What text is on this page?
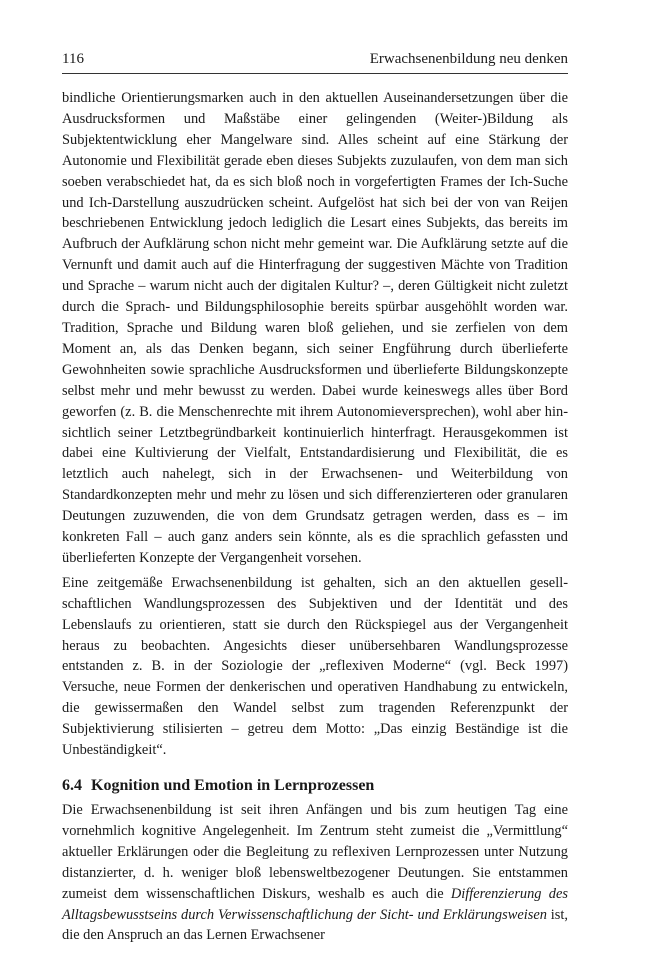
116	Erwachsenenbildung neu denken

bindliche Orientierungsmarken auch in den aktuellen Auseinandersetzungen über die Ausdrucksformen und Maßstäbe einer gelingenden (Weiter-)Bildung als Subjektentwicklung eher Mangelware sind. Alles scheint auf eine Stärkung der Autonomie und Flexibilität gerade eben dieses Subjekts zuzulaufen, von dem man sich soeben verabschiedet hat, da es sich bloß noch in vorgefertigten Frames der Ich-Suche und Ich-Darstellung auszudrücken scheint. Aufgelöst hat sich bei der von van Reijen beschriebenen Entwicklung jedoch lediglich die Lesart eines Subjekts, das bereits im Aufbruch der Aufklärung schon nicht mehr gemeint war. Die Aufklärung setzte auf die Vernunft und damit auch auf die Hinterfragung der suggestiven Mächte von Tradition und Sprache – warum nicht auch der digitalen Kultur? –, deren Gültigkeit nicht zuletzt durch die Sprach- und Bildungsphilosophie bereits spürbar ausgehöhlt worden war. Tradition, Sprache und Bildung waren bloß geliehen, und sie zerfielen von dem Moment an, als das Denken begann, sich seiner Engführung durch überlieferte Gewohnheiten sowie sprachliche Ausdrucksformen und überlieferte Bildungskonzepte selbst mehr und mehr bewusst zu werden. Dabei wurde keineswegs alles über Bord geworfen (z. B. die Menschenrechte mit ihrem Autonomieversprechen), wohl aber hinsichtlich seiner Letztbegründbarkeit kontinuierlich hinterfragt. Herausgekommen ist dabei eine Kultivierung der Vielfalt, Entstandardisierung und Flexibilität, die es letztlich auch nahelegt, sich in der Erwachsenen- und Weiterbildung von Standardkonzepten mehr und mehr zu lösen und sich differenzierteren oder granularen Deutungen zuzuwenden, die von dem Grundsatz getragen werden, dass es – im konkreten Fall – auch ganz anders sein könnte, als es die sprachlich gefassten und überlieferten Konzepte der Vergangenheit vorsehen.

Eine zeitgemäße Erwachsenenbildung ist gehalten, sich an den aktuellen gesellschaftlichen Wandlungsprozessen des Subjektiven und der Identität und des Lebenslaufs zu orientieren, statt sie durch den Rückspiegel aus der Vergangenheit heraus zu beobachten. Angesichts dieser unübersehbaren Wandlungsprozesse entstanden z. B. in der Soziologie der „reflexiven Moderne“ (vgl. Beck 1997) Versuche, neue Formen der denkerischen und operativen Handhabung zu entwickeln, die gewissermaßen den Wandel selbst zum tragenden Referenzpunkt der Subjektivierung stilisierten – getreu dem Motto: „Das einzig Beständige ist die Unbeständigkeit“.

6.4 Kognition und Emotion in Lernprozessen

Die Erwachsenenbildung ist seit ihren Anfängen und bis zum heutigen Tag eine vornehmlich kognitive Angelegenheit. Im Zentrum steht zumeist die „Vermittlung“ aktueller Erklärungen oder die Begleitung zu reflexiven Lernprozessen unter Nutzung distanzierter, d. h. weniger bloß lebensweltbezogener Deutungen. Sie entstammen zumeist dem wissenschaftlichen Diskurs, weshalb es auch die Differenzierung des Alltagsbewusstseins durch Verwissenschaftlichung der Sicht- und Erklärungsweisen ist, die den Anspruch an das Lernen Erwachsener
